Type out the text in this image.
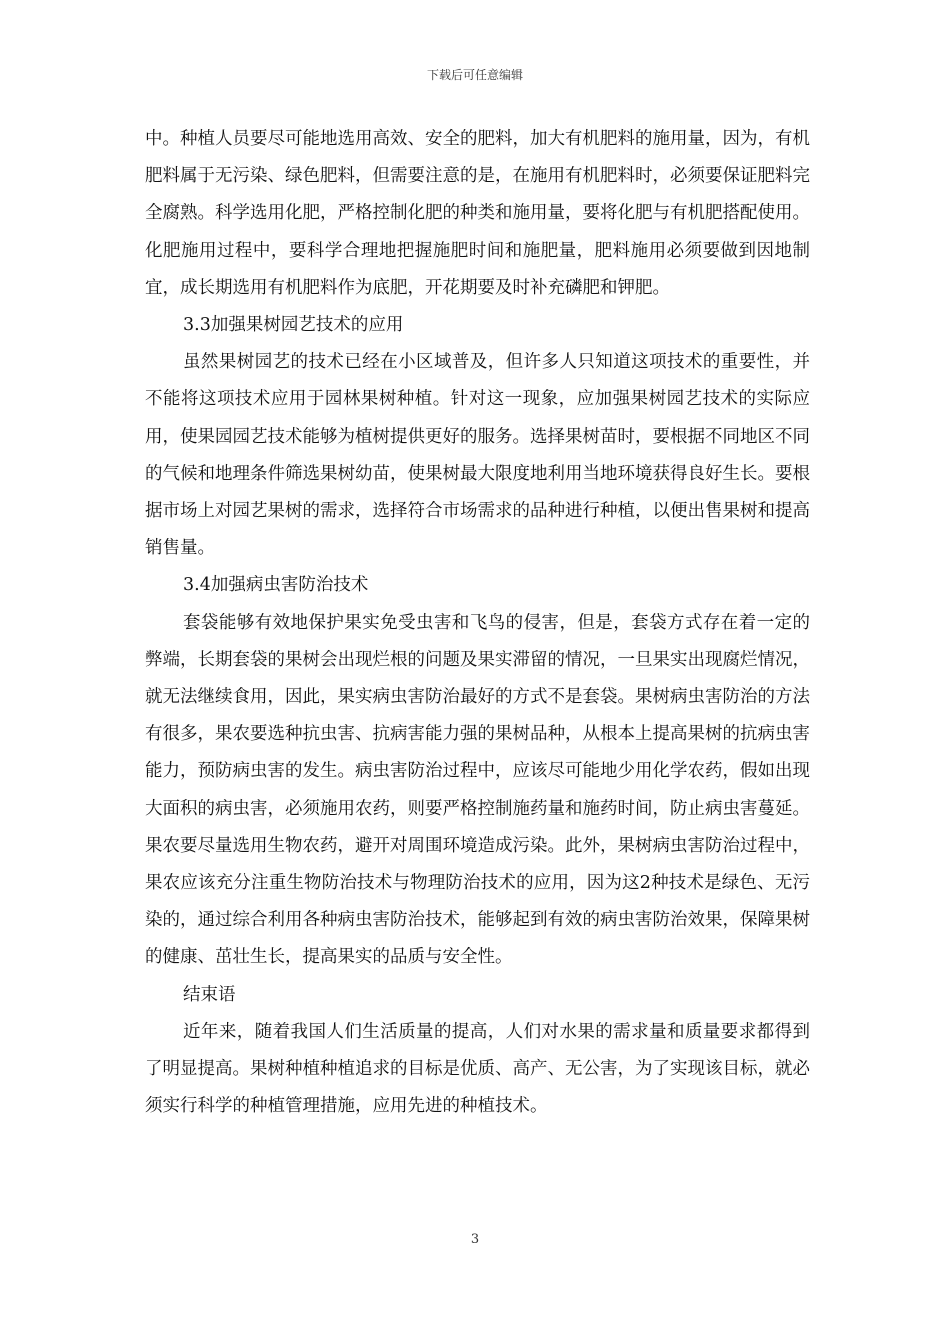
下载后可任意编辑

中。种植人员要尽可能地选用高效、安全的肥料，加大有机肥料的施用量，因为，有机肥料属于无污染、绿色肥料，但需要注意的是，在施用有机肥料时，必须要保证肥料完全腐熟。科学选用化肥，严格控制化肥的种类和施用量，要将化肥与有机肥搭配使用。化肥施用过程中，要科学合理地把握施肥时间和施肥量，肥料施用必须要做到因地制宜，成长期选用有机肥料作为底肥，开花期要及时补充磷肥和钾肥。

3.3加强果树园艺技术的应用

虽然果树园艺的技术已经在小区域普及，但许多人只知道这项技术的重要性，并不能将这项技术应用于园林果树种植。针对这一现象，应加强果树园艺技术的实际应用，使果园园艺技术能够为植树提供更好的服务。选择果树苗时，要根据不同地区不同的气候和地理条件筛选果树幼苗，使果树最大限度地利用当地环境获得良好生长。要根据市场上对园艺果树的需求，选择符合市场需求的品种进行种植，以便出售果树和提高销售量。

3.4加强病虫害防治技术

套袋能够有效地保护果实免受虫害和飞鸟的侵害，但是，套袋方式存在着一定的弊端，长期套袋的果树会出现烂根的问题及果实滞留的情况，一旦果实出现腐烂情况，就无法继续食用，因此，果实病虫害防治最好的方式不是套袋。果树病虫害防治的方法有很多，果农要选种抗虫害、抗病害能力强的果树品种，从根本上提高果树的抗病虫害能力，预防病虫害的发生。病虫害防治过程中，应该尽可能地少用化学农药，假如出现大面积的病虫害，必须施用农药，则要严格控制施药量和施药时间，防止病虫害蔓延。果农要尽量选用生物农药，避开对周围环境造成污染。此外，果树病虫害防治过程中，果农应该充分注重生物防治技术与物理防治技术的应用，因为这2种技术是绿色、无污染的，通过综合利用各种病虫害防治技术，能够起到有效的病虫害防治效果，保障果树的健康、茁壮生长，提高果实的品质与安全性。

结束语

近年来，随着我国人们生活质量的提高，人们对水果的需求量和质量要求都得到了明显提高。果树种植种植追求的目标是优质、高产、无公害，为了实现该目标，就必须实行科学的种植管理措施，应用先进的种植技术。

3
